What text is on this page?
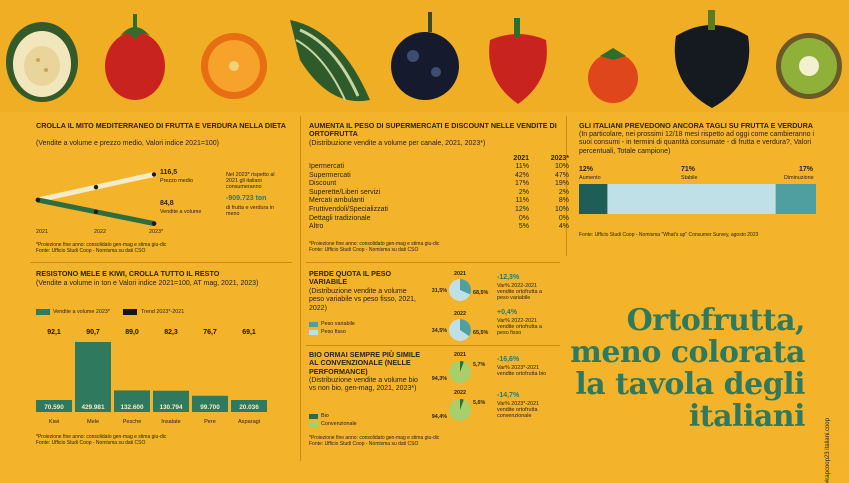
CROLLA IL MITO MEDITERRANEO DI FRUTTA E VERDURA NELLA DIETA
(Vendite a volume e prezzo medio, Valori indice 2021=100)
116,5
Prezzo medio
84,8
Vendite a volume
2021	2022	2023*
Nel 2023* rispetto al 2021 gli italiani consumeranno
-909.723 ton
di frutta e verdura in meno
*Proiezione fine anno: consolidato gen-mag e stima giu-dic
Fonte: Ufficio Studi Coop - Nomisma su dati CSO
AUMENTA IL PESO DI SUPERMERCATI E DISCOUNT NELLE VENDITE DI ORTOFRUTTA
(Distribuzione vendite a volume per canale, 2021, 2023*)
	2021	2023*
Ipermercati	11%	10%
Supermercati	42%	47%
Discount	17%	19%
Superette/Liberi servizi	2%	2%
Mercati ambulanti	11%	8%
Fruttivendoli/Specializzati	12%	10%
Dettagli tradizionale	0%	0%
Altro	5%	4%
*Proiezione fine anno: consolidato gen-mag e stima giu-dic
Fonte: Ufficio Studi Coop - Nomisma su dati CSO
GLI ITALIANI PREVEDONO ANCORA TAGLI SU FRUTTA E VERDURA
(In particolare, nei prossimi 12/18 mesi rispetto ad oggi come cambieranno i suoi consumi - in termini di quantità consumate - di frutta e verdura?, Valori percentuali, Totale campione)
12%
Aumento
71%
Stabile
17%
Diminuzione
Fonte: Ufficio Studi Coop - Nomisma "What's up" Consumer Survey, agosto 2023
RESISTONO MELE E KIWI, CROLLA TUTTO IL RESTO
(Vendite a volume in ton e Valori indice 2021=100, AT mag, 2021, 2023)
Vendite a volume 2023*	Trend 2023*-2021
70.590
92,1
Kiwi
429.981
90,7
Mele
132.600
89,0
Pesche
130.794
82,3
Insalate
99.700
76,7
Pere
20.036
69,1
Asparagi
*Proiezione fine anno: consolidato gen-mag e stima giu-dic
Fonte: Ufficio Studi Coop - Nomisma su dati CSO
PERDE QUOTA IL PESO VARIABILE
(Distribuzione vendite a volume peso variabile vs peso fisso, 2021, 2022)
2021
31,5%	68,5%
2022
34,5%	65,5%
Peso variabile
Peso fisso
-12,3%
Var% 2022-2021 vendite ortofrutta a peso variabile
+0,4%
Var% 2022-2021 vendite ortofrutta a peso fisso
BIO ORMAI SEMPRE PIÙ SIMILE AL CONVENZIONALE (NELLE PERFORMANCE)
(Distribuzione vendite a volume bio vs non bio, gen-mag, 2021, 2023*)
2021
94,3%
5,7%
2022
94,4%
5,6%
Bio
Convenzionale
-16,6%
Var% 2023*-2021 vendite ortofrutta bio
-14,7%
Var% 2023*-2021 vendite ortofrutta convenzionale
*Proiezione fine anno: consolidato gen-mag e stima giu-dic
Fonte: Ufficio Studi Coop - Nomisma su dati CSO
Ortofrutta,
meno colorata
la tavola degli
italiani
#rapcoop23 italiani.coop
